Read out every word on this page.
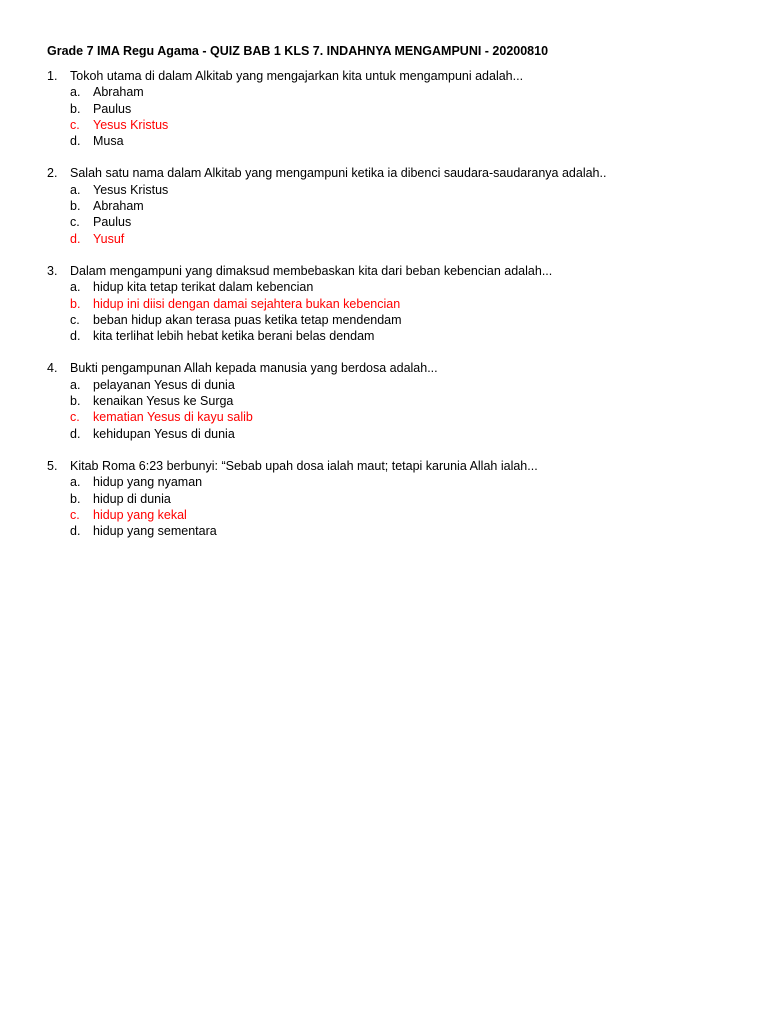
Grade 7 IMA Regu Agama - QUIZ BAB 1 KLS 7. INDAHNYA MENGAMPUNI - 20200810
1.	Tokoh utama di dalam Alkitab yang mengajarkan kita untuk mengampuni adalah...
a.	Abraham
b.	Paulus
c.	Yesus Kristus
d.	Musa
2.	Salah satu nama dalam Alkitab yang mengampuni ketika ia dibenci saudara-saudaranya adalah..
a.	Yesus Kristus
b.	Abraham
c.	Paulus
d.	Yusuf
3.	Dalam mengampuni yang dimaksud membebaskan kita dari beban kebencian adalah...
a.	hidup kita tetap terikat dalam kebencian
b.	hidup ini diisi dengan damai sejahtera bukan kebencian
c.	beban hidup akan terasa puas ketika tetap mendendam
d.	kita terlihat lebih hebat ketika berani belas dendam
4.	Bukti pengampunan Allah kepada manusia yang berdosa adalah...
a.	pelayanan Yesus di dunia
b.	kenaikan Yesus ke Surga
c.	kematian Yesus di kayu salib
d.	kehidupan Yesus di dunia
5.	Kitab Roma 6:23 berbunyi: “Sebab upah dosa ialah maut; tetapi karunia Allah ialah...
a.	hidup yang nyaman
b.	hidup di dunia
c.	hidup yang kekal
d.	hidup yang sementara
